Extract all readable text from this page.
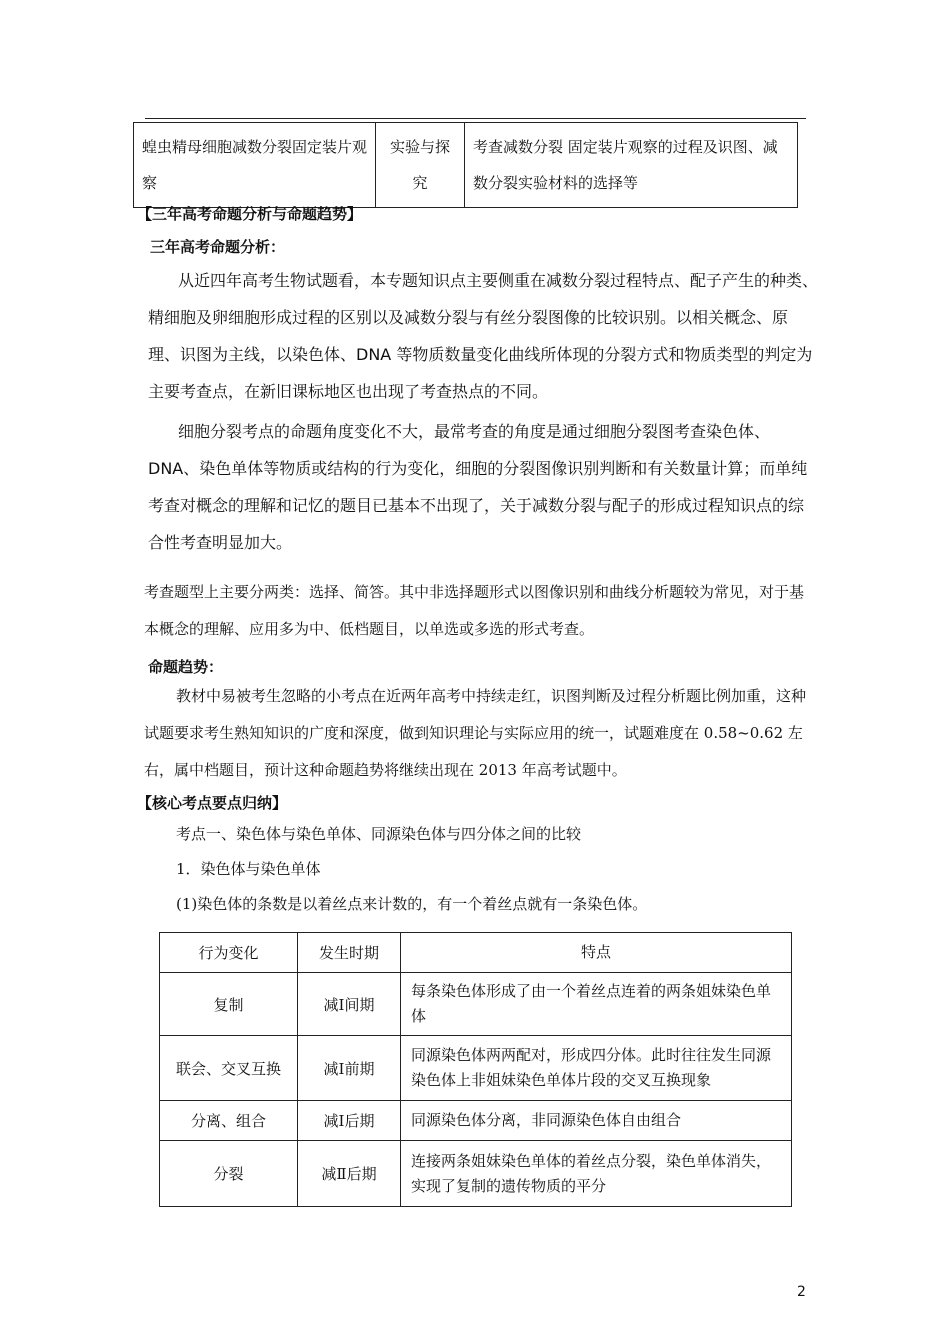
蝗虫精母细胞减数分裂固定装片观察	实验与探究	考查减数分裂 固定装片观察的过程及识图、减数分裂实验材料的选择等
【三年高考命题分析与命题趋势】
三年高考命题分析：

从近四年高考生物试题看，本专题知识点主要侧重在减数分裂过程特点、配子产生的种类、精细胞及卵细胞形成过程的区别以及减数分裂与有丝分裂图像的比较识别。以相关概念、原理、识图为主线，以染色体、DNA 等物质数量变化曲线所体现的分裂方式和物质类型的判定为主要考查点，在新旧课标地区也出现了考查热点的不同。

细胞分裂考点的命题角度变化不大，最常考查的角度是通过细胞分裂图考查染色体、DNA、染色单体等物质或结构的行为变化，细胞的分裂图像识别判断和有关数量计算；而单纯考查对概念的理解和记忆的题目已基本不出现了，关于减数分裂与配子的形成过程知识点的综合性考查明显加大。

考查题型上主要分两类：选择、简答。其中非选择题形式以图像识别和曲线分析题较为常见，对于基本概念的理解、应用多为中、低档题目，以单选或多选的形式考查。

命题趋势：

教材中易被考生忽略的小考点在近两年高考中持续走红，识图判断及过程分析题比例加重，这种试题要求考生熟知知识的广度和深度，做到知识理论与实际应用的统一，试题难度在 0.58~0.62 左右，属中档题目，预计这种命题趋势将继续出现在 2013 年高考试题中。

【核心考点要点归纳】
考点一、染色体与染色单体、同源染色体与四分体之间的比较
1．染色体与染色单体
(1)染色体的条数是以着丝点来计数的，有一个着丝点就有一条染色体。
行为变化	发生时期	特点
复制	减Ⅰ间期	每条染色体形成了由一个着丝点连着的两条姐妹染色单体
联会、交叉互换	减Ⅰ前期	同源染色体两两配对，形成四分体。此时往往发生同源染色体上非姐妹染色单体片段的交叉互换现象
分离、组合	减Ⅰ后期	同源染色体分离，非同源染色体自由组合
分裂	减Ⅱ后期	连接两条姐妹染色单体的着丝点分裂，染色单体消失，实现了复制的遗传物质的平分
2
